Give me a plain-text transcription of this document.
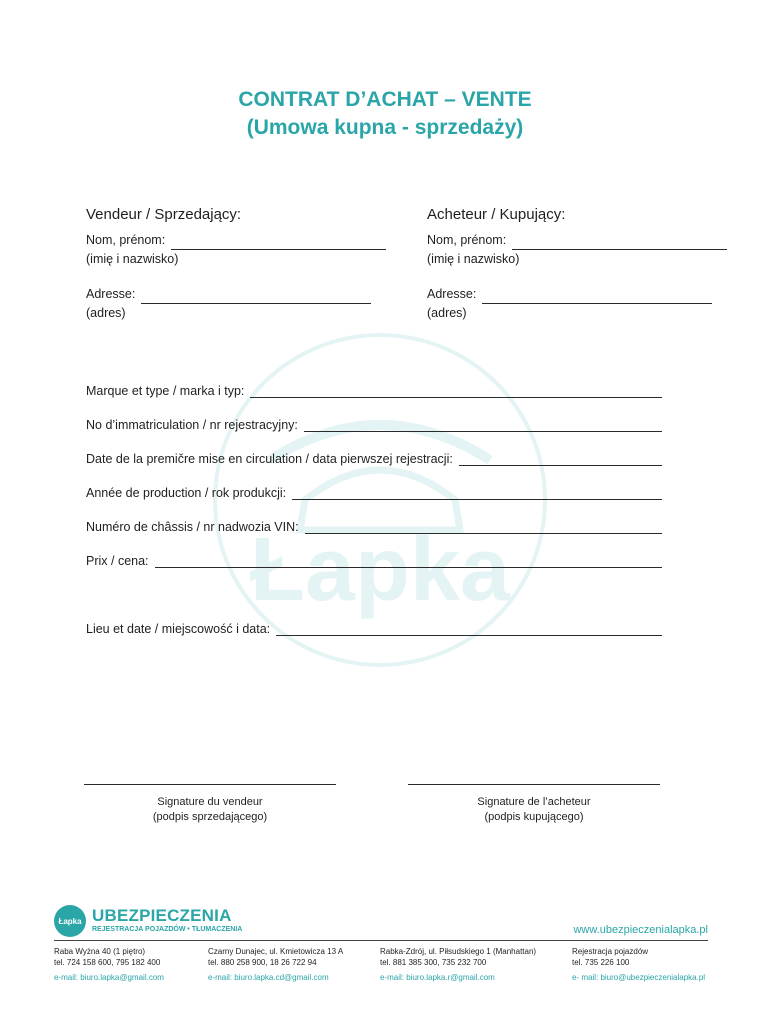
Łapka
CONTRAT D’ACHAT – VENTE
(Umowa kupna - sprzedaży)
Vendeur / Sprzedający:
Nom, prénom:
(imię i nazwisko)
Adresse:
(adres)
Acheteur / Kupujący:
Nom, prénom:
(imię i nazwisko)
Adresse:
(adres)
Marque et type / marka i typ:
No d’immatriculation / nr rejestracyjny:
Date de la premičre mise en circulation / data pierwszej rejestracji:
Année de production / rok produkcji:
Numéro de châssis / nr nadwozia VIN:
Prix / cena:
Lieu et date / miejscowość i data:
Signature du vendeur
(podpis sprzedającego)
Signature de l’acheteur
(podpis kupującego)
Łapka UBEZPIECZENIA
REJESTRACJA POJAZDÓW • TŁUMACZENIA	www.ubezpieczenialapka.pl
Raba Wyżna 40 (1 piętro)
tel. 724 158 600, 795 182 400
e-mail: biuro.lapka@gmail.com
Czarny Dunajec, ul. Kmietowicza 13 A
tel. 880 258 900, 18 26 722 94
e-mail: biuro.lapka.cd@gmail.com
Rabka-Zdrój, ul. Piłsudskiego 1 (Manhattan)
tel. 881 385 300, 735 232 700
e-mail: biuro.lapka.r@gmail.com
Rejestracja pojazdów
tel. 735 226 100
e- mail: biuro@ubezpieczenialapka.pl
